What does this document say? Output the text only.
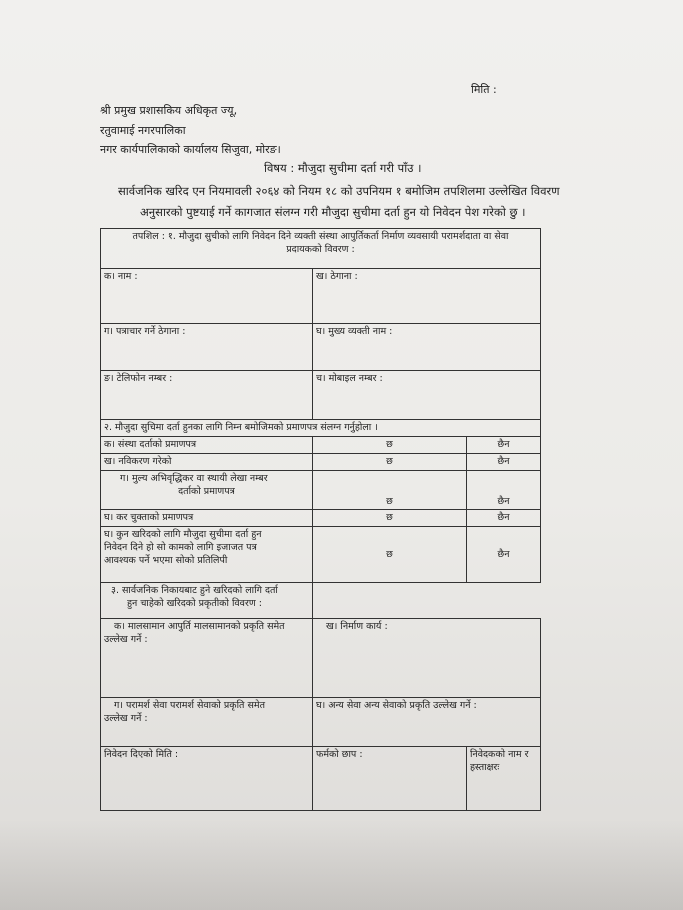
मिति :
श्री प्रमुख प्रशासकिय अधिकृत ज्यू,
रतुवामाई नगरपालिका
नगर कार्यपालिकाको कार्यालय सिजुवा, मोरङ।
विषय : मौजुदा सुचीमा दर्ता गरी पाँउ ।
सार्वजनिक खरिद एन नियमावली २०६४ को नियम १८ को उपनियम १ बमोजिम तपशिलमा उल्लेखित विवरण
अनुसारको पुष्टयाई गर्ने कागजात संलग्न गरी मौजुदा सुचीमा दर्ता हुन यो निवेदन पेश गरेको छु ।
तपशिल : १. मौजुदा सुचीको लागि निवेदन दिने व्यक्ती संस्था आपुर्तिकर्ता निर्माण व्यवसायी परामर्शदाता वा सेवा
प्रदायकको विवरण :		

क। नाम :	ख। ठेगाना :	
ग। पत्राचार गर्ने ठेगाना :	घ। मुख्य व्यक्ती नाम :	
ङ। टेलिफोन नम्बर :	च। मोबाइल नम्बर :	
२. मौजुदा सुचिमा दर्ता हुनका लागि निम्न बमोजिमको प्रमाणपत्र संलग्न गर्नुहोला ।		
क। संस्था दर्ताको प्रमाणपत्र	छ	छैन
ख। नविकरण गरेको	छ	छैन

ग। मुल्य अभिवृद्धिकर वा स्थायी लेखा नम्बर
दर्ताको प्रमाणपत्र	छ	छैन
घ। कर चुक्ताको प्रमाणपत्र	छ	छैन

घ। कुन खरिदको लागि मौजुदा सुचीमा दर्ता हुन
निवेदन दिने हो सो कामको लागि इजाजत पत्र
आवश्यक पर्ने भएमा सोको प्रतिलिपी	छ	छैन

३. सार्वजनिक निकायबाट हुने खरिदको लागि दर्ता
हुन चाहेको खरिदको प्रकृतीको विवरण :		

क। मालसामान आपुर्ति मालसामानको प्रकृति समेत
उल्लेख गर्ने :	ख। निर्माण कार्य :	

ग। परामर्श सेवा परामर्श सेवाको प्रकृति समेत
उल्लेख गर्ने :	घ। अन्य सेवा अन्य सेवाको प्रकृति उल्लेख गर्ने :	
निवेदन दिएको मिति :	फर्मको छाप :	निवेदकको नाम र हस्ताक्षरः
